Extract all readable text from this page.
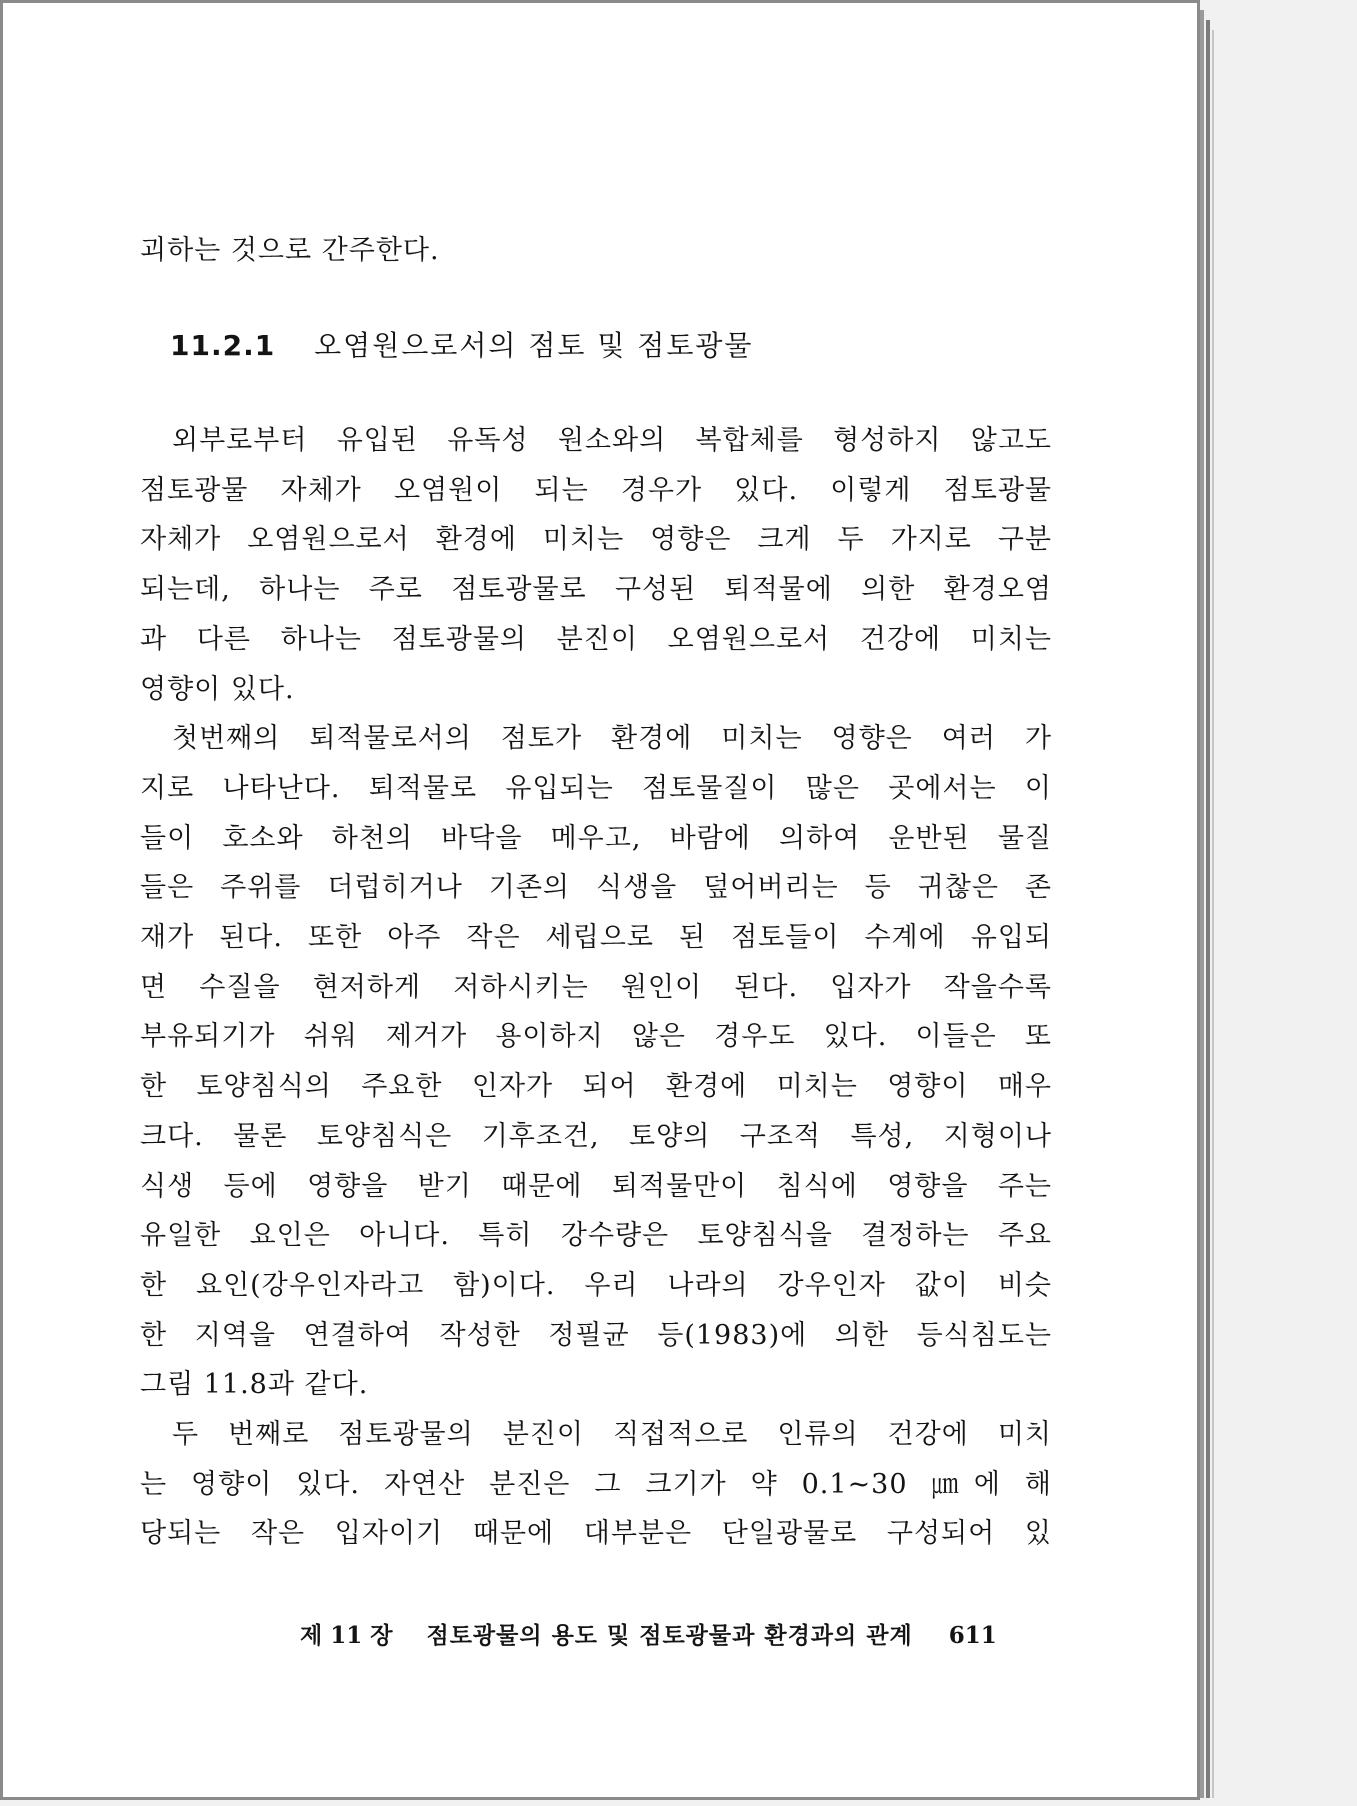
괴하는 것으로 간주한다.
11.2.1 오염원으로서의 점토 및 점토광물

외부로부터 유입된 유독성 원소와의 복합체를 형성하지 않고도
점토광물 자체가 오염원이 되는 경우가 있다. 이렇게 점토광물
자체가 오염원으로서 환경에 미치는 영향은 크게 두 가지로 구분
되는데, 하나는 주로 점토광물로 구성된 퇴적물에 의한 환경오염
과 다른 하나는 점토광물의 분진이 오염원으로서 건강에 미치는
영향이 있다.

첫번째의 퇴적물로서의 점토가 환경에 미치는 영향은 여러 가
지로 나타난다. 퇴적물로 유입되는 점토물질이 많은 곳에서는 이
들이 호소와 하천의 바닥을 메우고, 바람에 의하여 운반된 물질
들은 주위를 더럽히거나 기존의 식생을 덮어버리는 등 귀찮은 존
재가 된다. 또한 아주 작은 세립으로 된 점토들이 수계에 유입되
면 수질을 현저하게 저하시키는 원인이 된다. 입자가 작을수록
부유되기가 쉬워 제거가 용이하지 않은 경우도 있다. 이들은 또
한 토양침식의 주요한 인자가 되어 환경에 미치는 영향이 매우
크다. 물론 토양침식은 기후조건, 토양의 구조적 특성, 지형이나
식생 등에 영향을 받기 때문에 퇴적물만이 침식에 영향을 주는
유일한 요인은 아니다. 특히 강수량은 토양침식을 결정하는 주요
한 요인(강우인자라고 함)이다. 우리 나라의 강우인자 값이 비슷
한 지역을 연결하여 작성한 정필균 등(1983)에 의한 등식침도는
그림 11.8과 같다.

두 번째로 점토광물의 분진이 직접적으로 인류의 건강에 미치
는 영향이 있다. 자연산 분진은 그 크기가 약 0.1~30 ㎛에 해
당되는 작은 입자이기 때문에 대부분은 단일광물로 구성되어 있

제 11 장 점토광물의 용도 및 점토광물과 환경과의 관계 611
